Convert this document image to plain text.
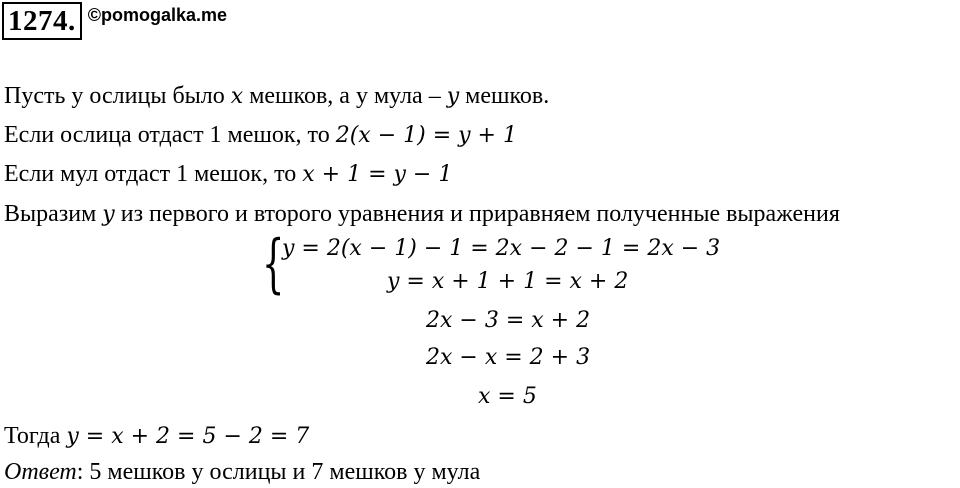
1274. ©pomogalka.me
Пусть у ослицы было x мешков, а у мула – y мешков.
Если ослица отдаст 1 мешок, то 2(x − 1) = y + 1
Если мул отдаст 1 мешок, то x + 1 = y − 1
Выразим y из первого и второго уравнения и приравняем полученные выражения
{
y = 2(x − 1) − 1 = 2x − 2 − 1 = 2x − 3
y = x + 1 + 1 = x + 2
2x − 3 = x + 2
2x − x = 2 + 3
x = 5
Тогда y = x + 2 = 5 − 2 = 7
Ответ: 5 мешков у ослицы и 7 мешков у мула
